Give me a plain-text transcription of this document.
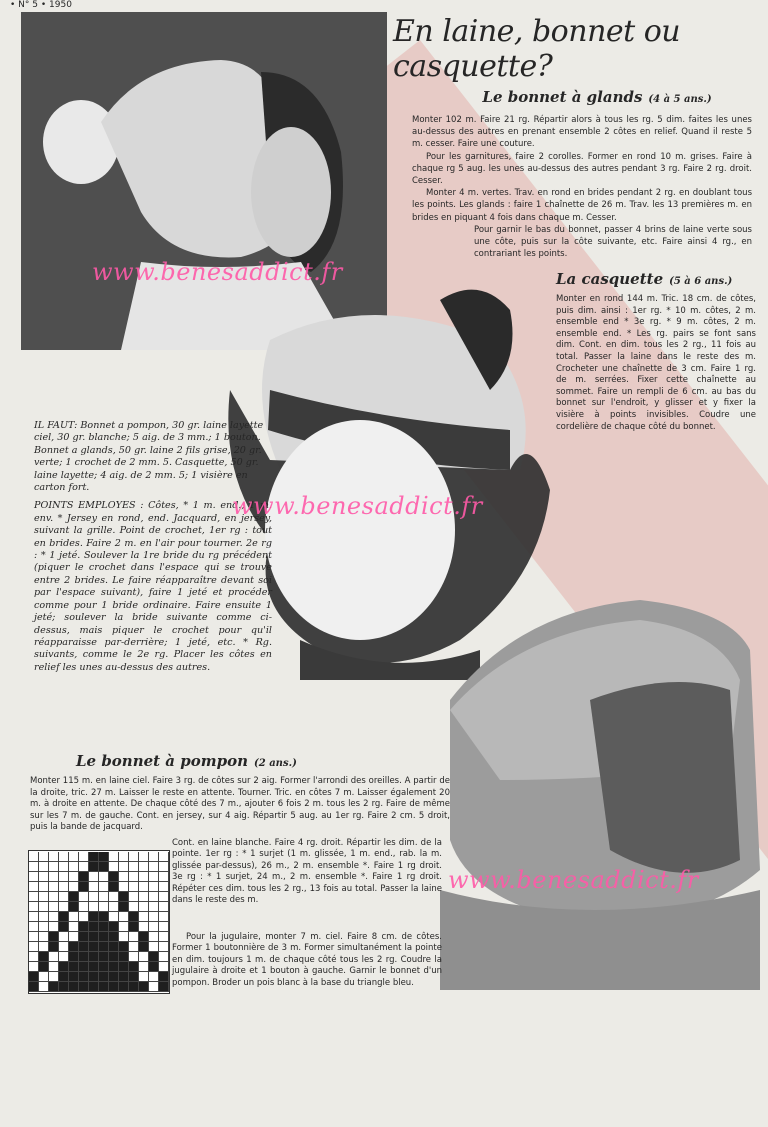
• N° 5 • 1950
En laine, bonnet ou casquette?
Le bonnet à glands (4 à 5 ans.)

Monter 102 m. Faire 21 rg. Répartir alors à tous les rg. 5 dim. faites les unes au-dessus des autres en prenant ensemble 2 côtes en relief. Quand il reste 5 m. cesser. Faire une couture.

Pour les garnitures, faire 2 corolles. Former en rond 10 m. grises. Faire à chaque rg 5 aug. les unes au-dessus des autres pendant 3 rg. Faire 2 rg. droit. Cesser.

Monter 4 m. vertes. Trav. en rond en brides pendant 2 rg. en doublant tous les points. Les glands : faire 1 chaînette de 26 m. Trav. les 13 premières m. en brides en piquant 4 fois dans chaque m. Cesser.

Pour garnir le bas du bonnet, passer 4 brins de laine verte sous une côte, puis sur la côte suivante, etc. Faire ainsi 4 rg., en contrariant les points.

www.benesaddict.fr	La casquette (5 à 6 ans.)

Monter en rond 144 m. Tric. 18 cm. de côtes, puis dim. ainsi : 1er rg. * 10 m. côtes, 2 m. ensemble end * 3e rg. * 9 m. côtes, 2 m. ensemble end. * Les rg. pairs se font sans dim. Cont. en dim. tous les 2 rg., 11 fois au total. Passer la laine dans le reste des m. Crocheter une chaînette de 3 cm. Faire 1 rg. de m. serrées. Fixer cette chaînette au sommet. Faire un rempli de 6 cm. au bas du bonnet sur l'endroit, y glisser et y fixer la visière à points invisibles. Coudre une cordelière de chaque côté du bonnet.

IL FAUT: Bonnet a pompon, 30 gr. laine layette ciel, 30 gr. blanche; 5 aig. de 3 mm.; 1 bouton. Bonnet a glands, 50 gr. laine 2 fils grise, 20 gr. verte; 1 crochet de 2 mm. 5. Casquette, 50 gr. laine layette; 4 aig. de 2 mm. 5; 1 visière en carton fort.

POINTS EMPLOYES : Côtes, * 1 m. end., 1 m. env. * Jersey en rond, end. Jacquard, en jersey, suivant la grille. Point de crochet, 1er rg : tout en brides. Faire 2 m. en l'air pour tourner. 2e rg : * 1 jeté. Soulever la 1re bride du rg précédent (piquer le crochet dans l'espace qui se trouve entre 2 brides. Le faire réapparaître devant soi par l'espace suivant), faire 1 jeté et procéder comme pour 1 bride ordinaire. Faire ensuite 1 jeté; soulever la bride suivante comme ci-dessus, mais piquer le crochet pour qu'il réapparaisse par-derrière; 1 jeté, etc. * Rg. suivants, comme le 2e rg. Placer les côtes en relief les unes au-dessus des autres.

www.benesaddict.fr
Le bonnet à pompon (2 ans.)

Monter 115 m. en laine ciel. Faire 3 rg. de côtes sur 2 aig. Former l'arrondi des oreilles. A partir de la droite, tric. 27 m. Laisser le reste en attente. Tourner. Tric. en côtes 7 m. Laisser également 20 m. à droite en attente. De chaque côté des 7 m., ajouter 6 fois 2 m. tous les 2 rg. Faire de même sur les 7 m. de gauche. Cont. en jersey, sur 4 aig. Répartir 5 aug. au 1er rg. Faire 2 cm. 5 droit, puis la bande de jacquard.

Cont. en laine blanche. Faire 4 rg. droit. Répartir les dim. de la pointe. 1er rg : * 1 surjet (1 m. glissée, 1 m. end., rab. la m. glissée par-dessus), 26 m., 2 m. ensemble *. Faire 1 rg droit. 3e rg : * 1 surjet, 24 m., 2 m. ensemble *. Faire 1 rg droit. Répéter ces dim. tous les 2 rg., 13 fois au total. Passer la laine dans le reste des m.

Pour la jugulaire, monter 7 m. ciel. Faire 8 cm. de côtes. Former 1 boutonnière de 3 m. Former simultanément la pointe en dim. toujours 1 m. de chaque côté tous les 2 rg. Coudre la jugulaire à droite et 1 bouton à gauche. Garnir le bonnet d'un pompon. Broder un pois blanc à la base du triangle bleu.

www.benesaddict.fr
